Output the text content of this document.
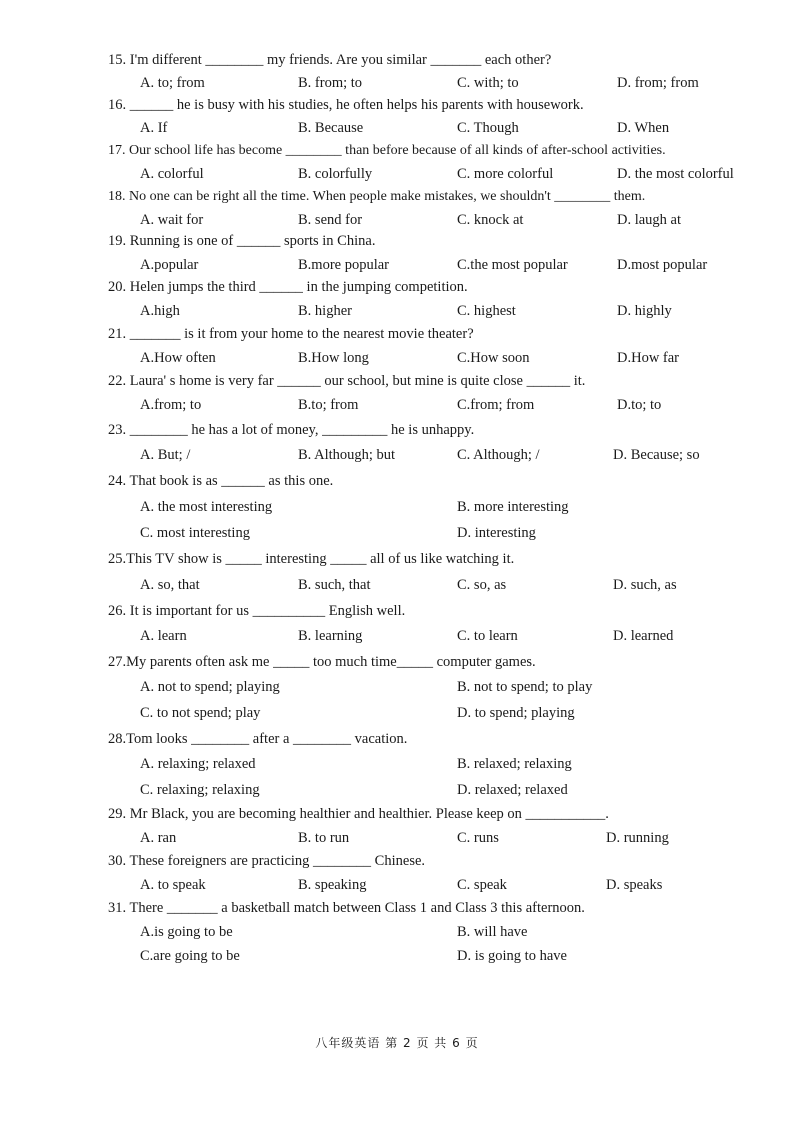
15. I'm different ________ my friends. Are you similar _______ each other?
A. to; from	B. from; to	C. with; to	D. from; from
16. ______ he is busy with his studies, he often helps his parents with housework.
A. If	B. Because	C. Though	D. When
17. Our school life has become ________ than before because of all kinds of after-school activities.
A. colorful	B. colorfully	C. more colorful	D. the most colorful
18. No one can be right all the time. When people make mistakes, we shouldn't ________ them.
A. wait for	B. send for	C. knock at	D. laugh at
19. Running is one of ______ sports in China.
A.popular	B.more popular	C.the most popular	D.most popular
20. Helen jumps the third ______ in the jumping competition.
A.high	B. higher	C. highest	D. highly
21. _______ is it from your home to the nearest movie theater?
A.How often	B.How long	C.How soon	D.How far
22. Laura' s home is very far ______ our school, but mine is quite close ______ it.
A.from; to	B.to; from	C.from; from	D.to; to
23. ________ he has a lot of money, _________ he is unhappy.
A. But; /	B. Although; but	C. Although; /	D. Because; so
24. That book is as ______ as this one.
A. the most interesting	B. more interesting
C. most interesting	D. interesting
25.This TV show is _____ interesting _____ all of us like watching it.
A. so, that	B. such, that	C. so, as	D. such, as
26. It is important for us __________ English well.
A. learn	B. learning	C. to learn	D. learned
27.My parents often ask me _____ too much time_____ computer games.
A. not to spend; playing	B. not to spend; to play
C. to not spend; play	D. to spend; playing
28.Tom looks ________ after a ________ vacation.
A. relaxing; relaxed	B. relaxed; relaxing
C. relaxing; relaxing	D. relaxed; relaxed
29. Mr Black, you are becoming healthier and healthier. Please keep on ___________.
A. ran	B. to run	C. runs	D. running
30. These foreigners are practicing ________ Chinese.
A. to speak	B. speaking	C. speak	D. speaks
31. There _______ a basketball match between Class 1 and Class 3 this afternoon.
A.is going to be	B. will have
C.are going to be	D. is going to have
八年级英语 第 2 页 共 6 页
